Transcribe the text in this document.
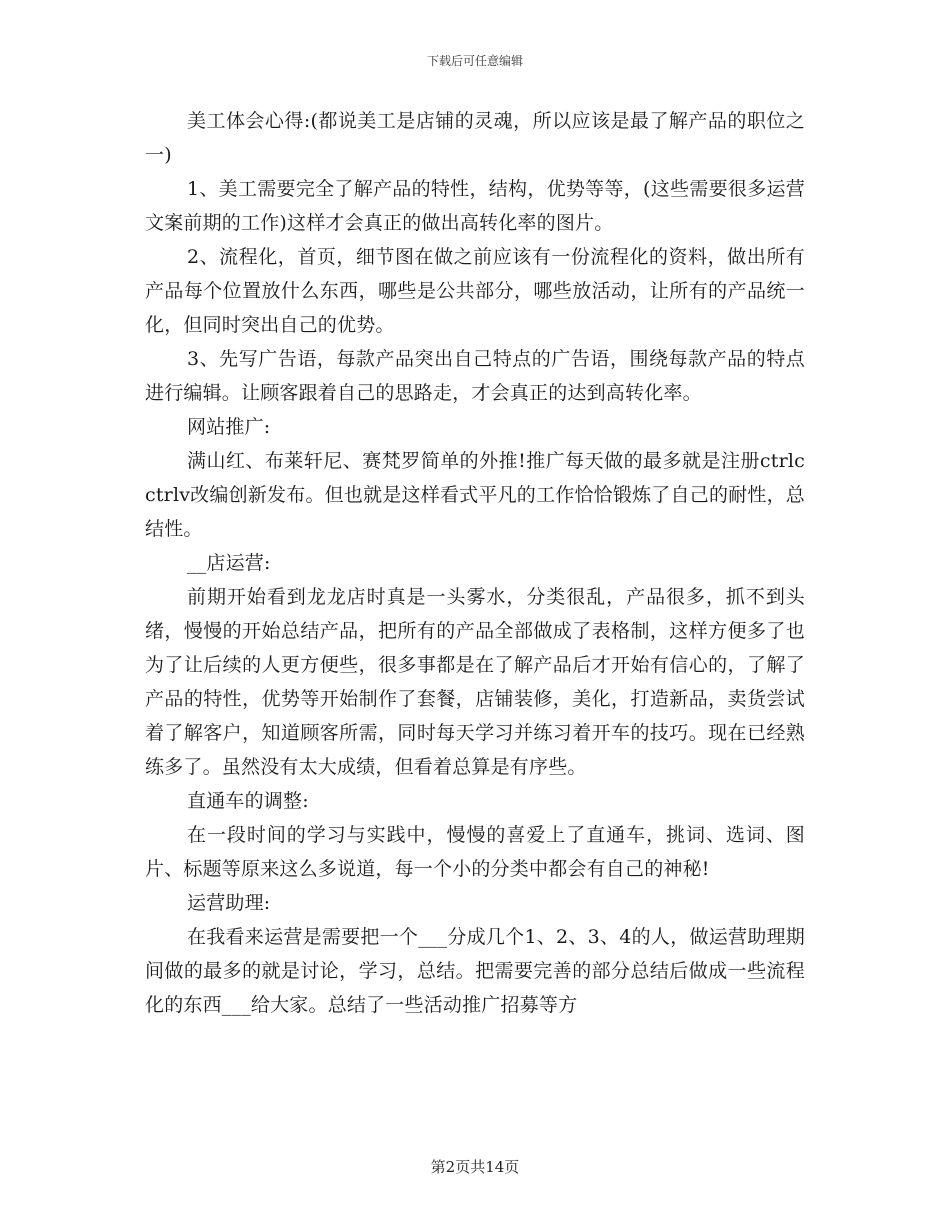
下载后可任意编辑

美工体会心得:(都说美工是店铺的灵魂，所以应该是最了解产品的职位之一)

1、美工需要完全了解产品的特性，结构，优势等等，(这些需要很多运营文案前期的工作)这样才会真正的做出高转化率的图片。

2、流程化，首页，细节图在做之前应该有一份流程化的资料，做出所有产品每个位置放什么东西，哪些是公共部分，哪些放活动，让所有的产品统一化，但同时突出自己的优势。

3、先写广告语，每款产品突出自己特点的广告语，围绕每款产品的特点进行编辑。让顾客跟着自己的思路走，才会真正的达到高转化率。

网站推广:

满山红、布莱轩尼、赛梵罗简单的外推!推广每天做的最多就是注册ctrlcctrlv改编创新发布。但也就是这样看式平凡的工作恰恰锻炼了自己的耐性，总结性。

__店运营:

前期开始看到龙龙店时真是一头雾水，分类很乱，产品很多，抓不到头绪，慢慢的开始总结产品，把所有的产品全部做成了表格制，这样方便多了也为了让后续的人更方便些，很多事都是在了解产品后才开始有信心的，了解了产品的特性，优势等开始制作了套餐，店铺装修，美化，打造新品，卖货尝试着了解客户，知道顾客所需，同时每天学习并练习着开车的技巧。现在已经熟练多了。虽然没有太大成绩，但看着总算是有序些。

直通车的调整:

在一段时间的学习与实践中，慢慢的喜爱上了直通车，挑词、选词、图片、标题等原来这么多说道，每一个小的分类中都会有自己的神秘!

运营助理:

在我看来运营是需要把一个___分成几个1、2、3、4的人，做运营助理期间做的最多的就是讨论，学习，总结。把需要完善的部分总结后做成一些流程化的东西___给大家。总结了一些活动推广招募等方

第2页共14页
